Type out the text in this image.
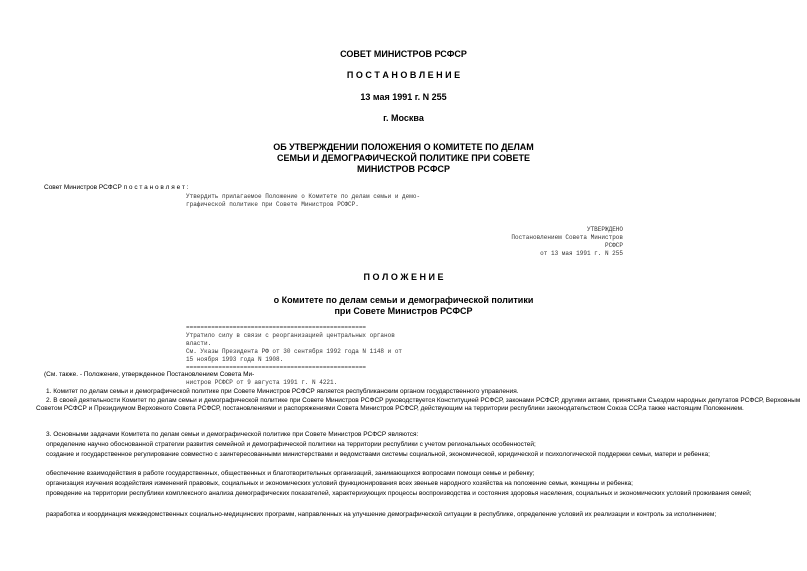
СОВЕТ МИНИСТРОВ РСФСР
П О С Т А Н О В Л Е Н И Е
13 мая 1991 г. N 255
г. Москва
ОБ УТВЕРЖДЕНИИ ПОЛОЖЕНИЯ О КОМИТЕТЕ ПО ДЕЛАМ
СЕМЬИ И ДЕМОГРАФИЧЕСКОЙ ПОЛИТИКЕ ПРИ СОВЕТЕ
МИНИСТРОВ РСФСР
Совет Министров РСФСР п о с т а н о в л я е т :
Утвердить прилагаемое Положение о Комитете по делам семьи и демо-
графической политике при Совете Министров РСФСР.
УТВЕРЖДЕНО
Постановлением Совета Министров
РСФСР
от 13 мая 1991 г. N 255
П О Л О Ж Е Н И Е
о Комитете по делам семьи и демографической политики
при Совете Министров РСФСР
==================================================
Утратило силу в связи с реорганизацией центральных органов
власти.
См. Указы Президента РФ от 30 сентября 1992 года N 1148 и от
15 ноября 1993 года N 1908.
==================================================
(См. также. - Положение, утвержденное Постановлением Совета Ми-
нистров РСФСР от 9 августа 1991 г. N 4221.
1. Комитет по делам семьи и демографической политике при Совете Министров РСФСР является республиканским органом государственного управления.
2. В своей деятельности Комитет по делам семьи и демографической политике при Совете Министров РСФСР руководствуется Конституцией РСФСР, законами РСФСР, другими актами, принятыми Съездом народных депутатов РСФСР, Верховным Советом РСФСР и Президиумом Верховного Совета РСФСР, постановлениями и распоряжениями Совета Министров РСФСР, действующим на территории республики законодательством Союза ССР,а также настоящим Положением.
3. Основными задачами Комитета по делам семьи и демографической политике при Совете Министров РСФСР являются:
определение научно обоснованной стратегии развития семейной и демографической политики на территории республики с учетом региональных особенностей;
создание и государственное регулирование совместно с заинтересованными министерствами и ведомствами системы социальной, экономической, юридической и психологической поддержки семьи, матери и ребенка;
обеспечение взаимодействия в работе государственных, общественных и благотворительных организаций, занимающихся вопросами помощи семье и ребенку;
организация изучения воздействия изменений правовых, социальных и экономических условий функционирования всех звеньев народного хозяйства на положение семьи, женщины и ребенка;
проведение на территории республики комплексного анализа демографических показателей, характеризующих процессы воспроизводства и состояния здоровья населения, социальных и экономических условий проживания семей;
разработка и координация межведомственных социально-медицинских программ, направленных на улучшение демографической ситуации в республике, определение условий их реализации и контроль за исполнением;
